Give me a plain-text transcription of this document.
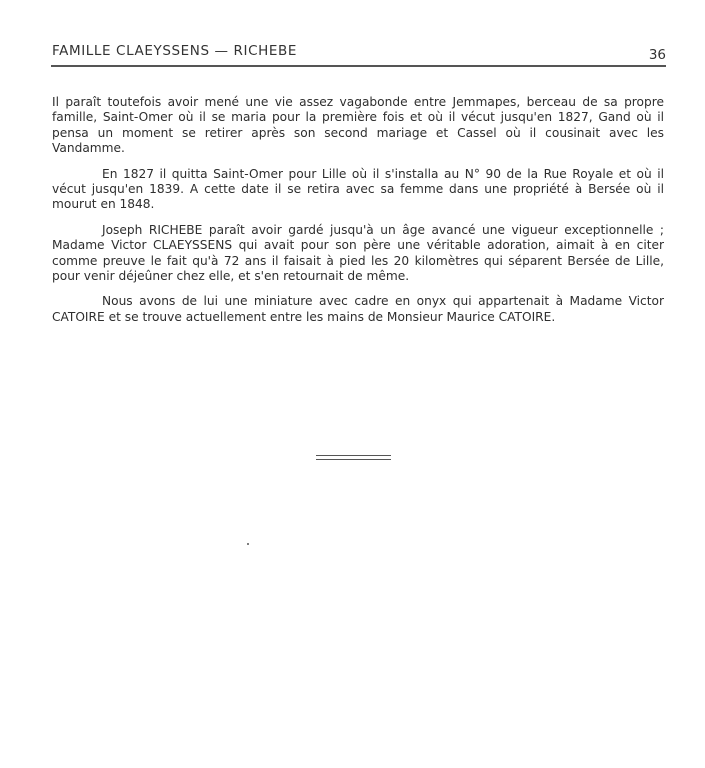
FAMILLE CLAEYSSENS — RICHEBE	36

Il paraît toutefois avoir mené une vie assez vagabonde entre Jemmapes, berceau de sa propre famille, Saint-Omer où il se maria pour la première fois et où il vécut jusqu'en 1827, Gand où il pensa un moment se retirer après son second mariage et Cassel où il cousinait avec les Vandamme.

En 1827 il quitta Saint-Omer pour Lille où il s'installa au N° 90 de la Rue Royale et où il vécut jusqu'en 1839. A cette date il se retira avec sa femme dans une propriété à Bersée où il mourut en 1848.

Joseph RICHEBE paraît avoir gardé jusqu'à un âge avancé une vigueur exceptionnelle ; Madame Victor CLAEYSSENS qui avait pour son père une véritable adoration, aimait à en citer comme preuve le fait qu'à 72 ans il faisait à pied les 20 kilomètres qui séparent Bersée de Lille, pour venir déjeûner chez elle, et s'en retournait de même.

Nous avons de lui une miniature avec cadre en onyx qui appartenait à Madame Victor CATOIRE et se trouve actuellement entre les mains de Monsieur Maurice CATOIRE.
